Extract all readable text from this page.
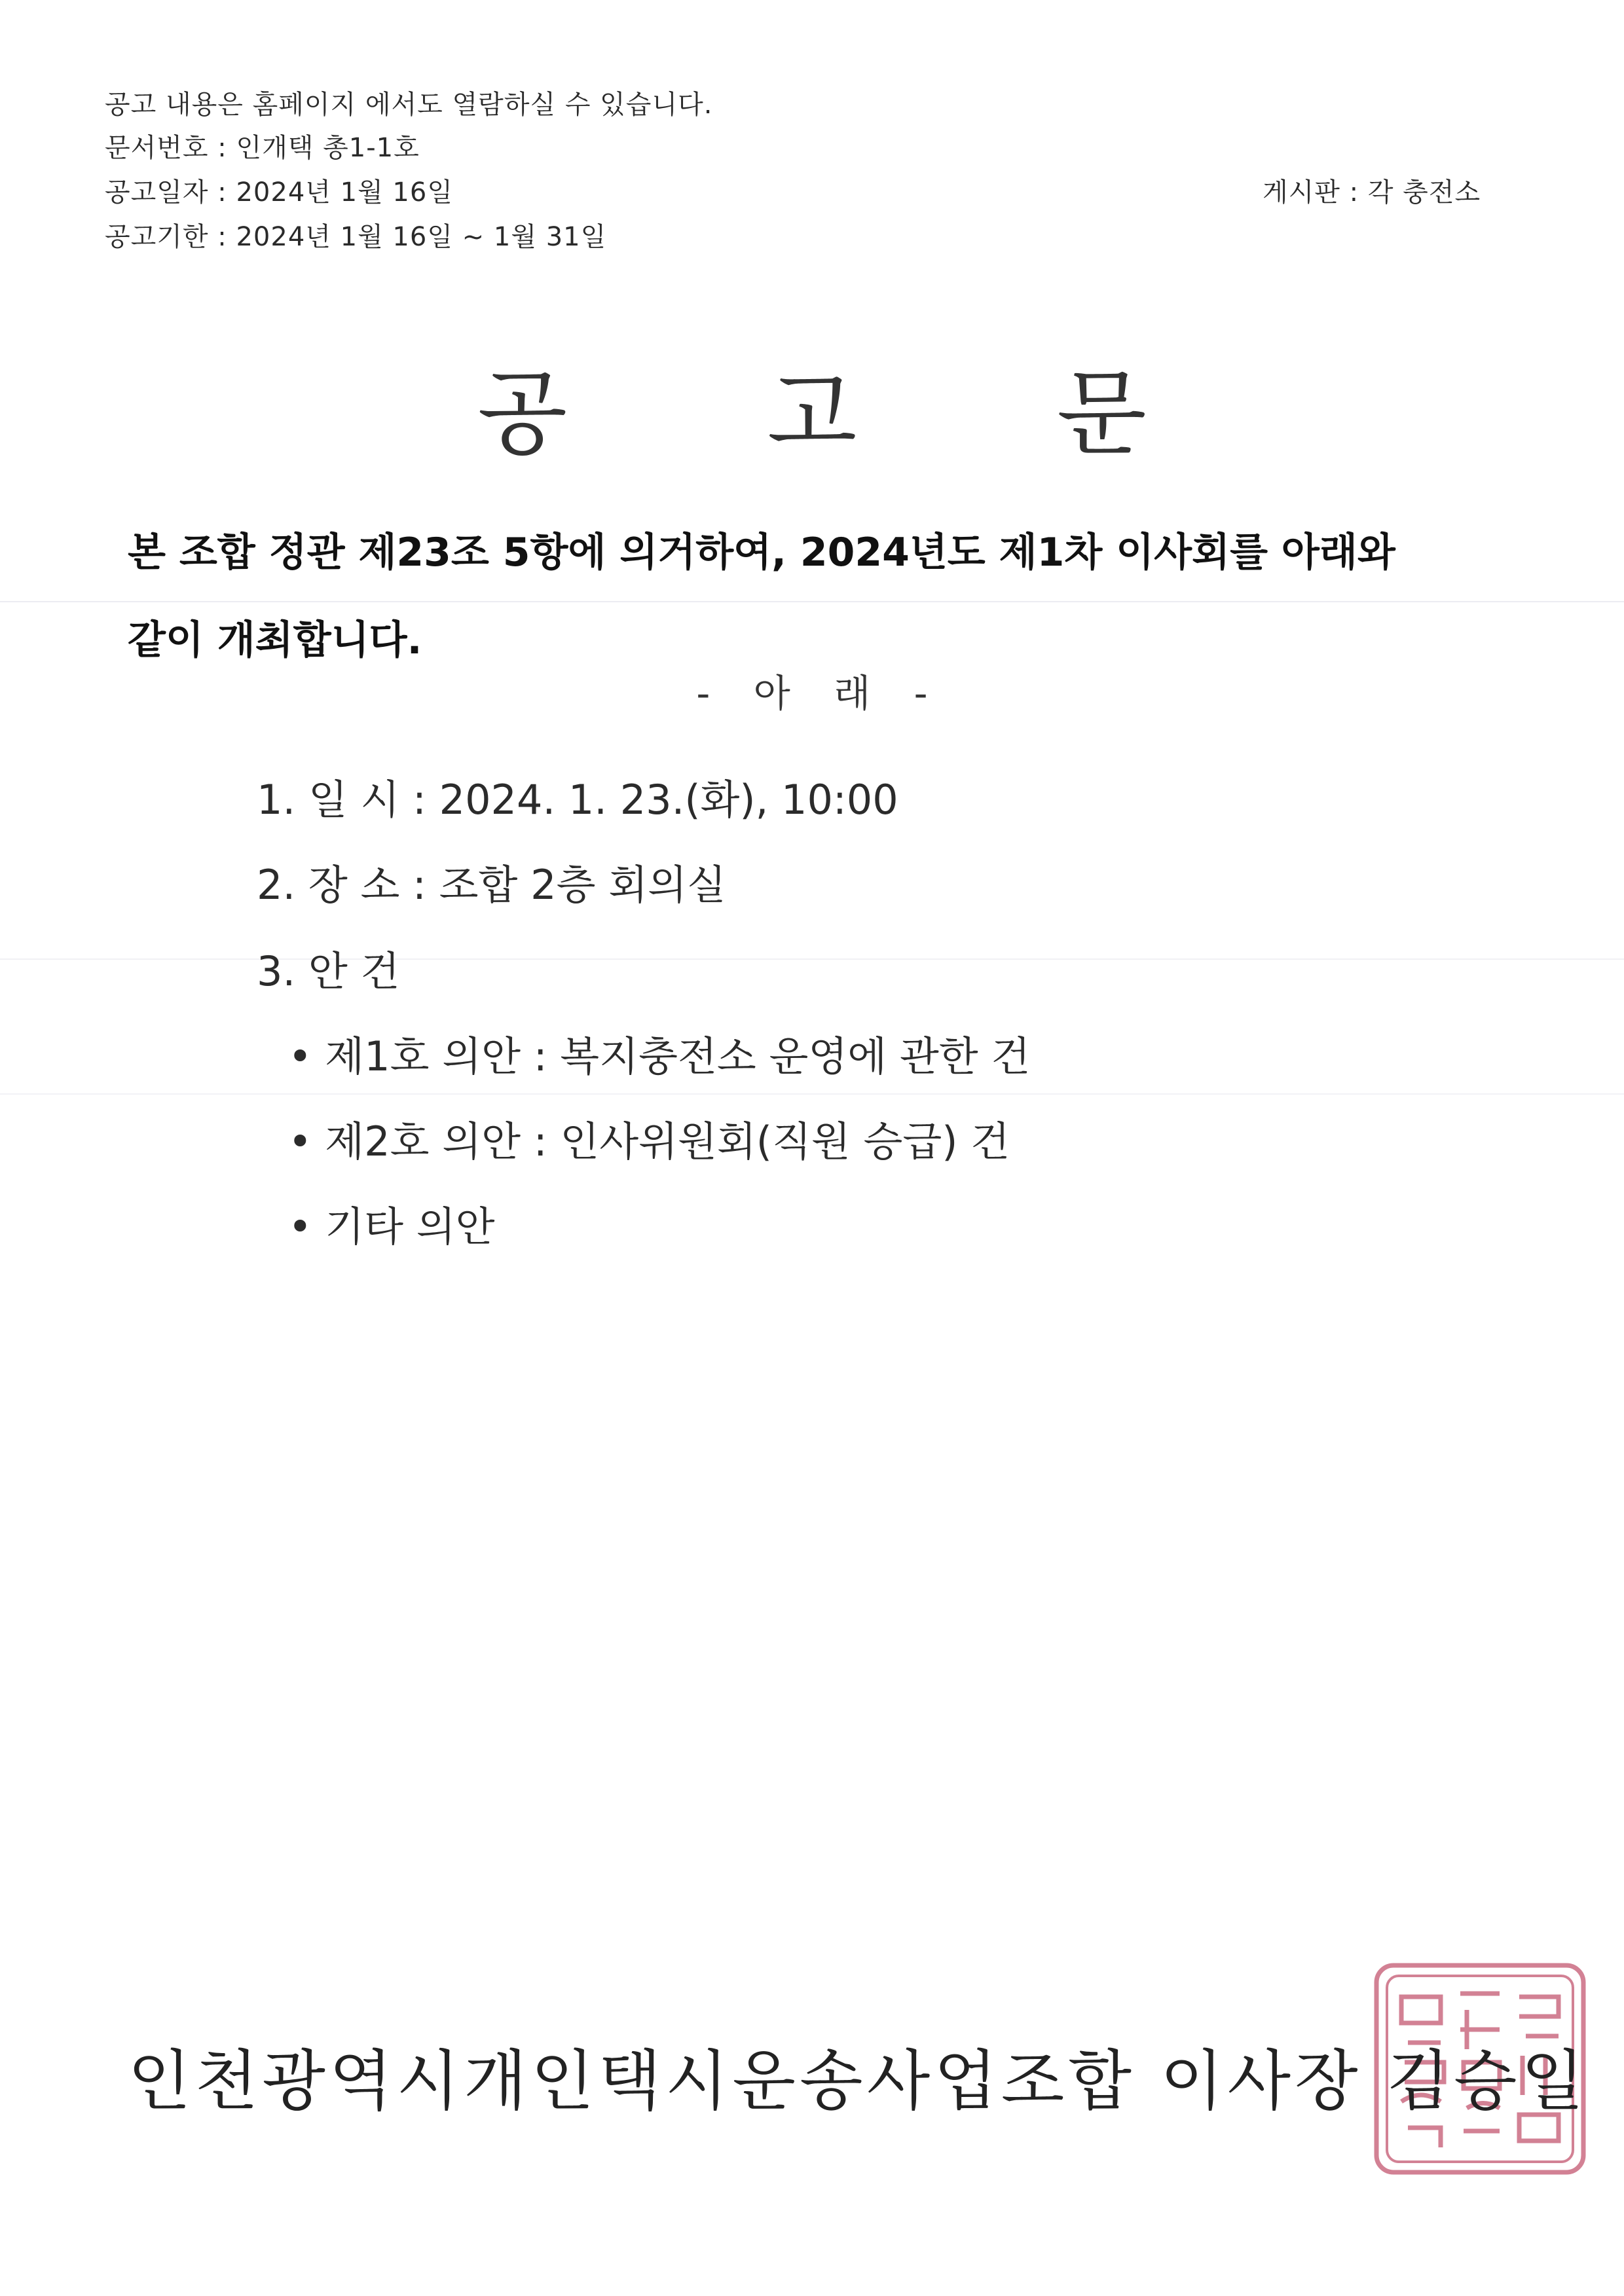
공고 내용은 홈페이지 에서도 열람하실 수 있습니다.
문서번호 : 인개택 총1-1호
공고일자 : 2024년 1월 16일	게시판 : 각 충전소
공고기한 : 2024년 1월 16일 ~ 1월 31일
공 고 문
본 조합 정관 제23조 5항에 의거하여, 2024년도 제1차 이사회를 아래와
같이 개최합니다.
- 아 래 -
1. 일 시 : 2024. 1. 23.(화), 10:00
2. 장 소 : 조합 2층 회의실
3. 안 건
• 제1호 의안 : 복지충전소 운영에 관한 건
• 제2호 의안 : 인사위원회(직원 승급) 건
• 기타 의안
인천광역시개인택시운송사업조합 이사장 김승일
